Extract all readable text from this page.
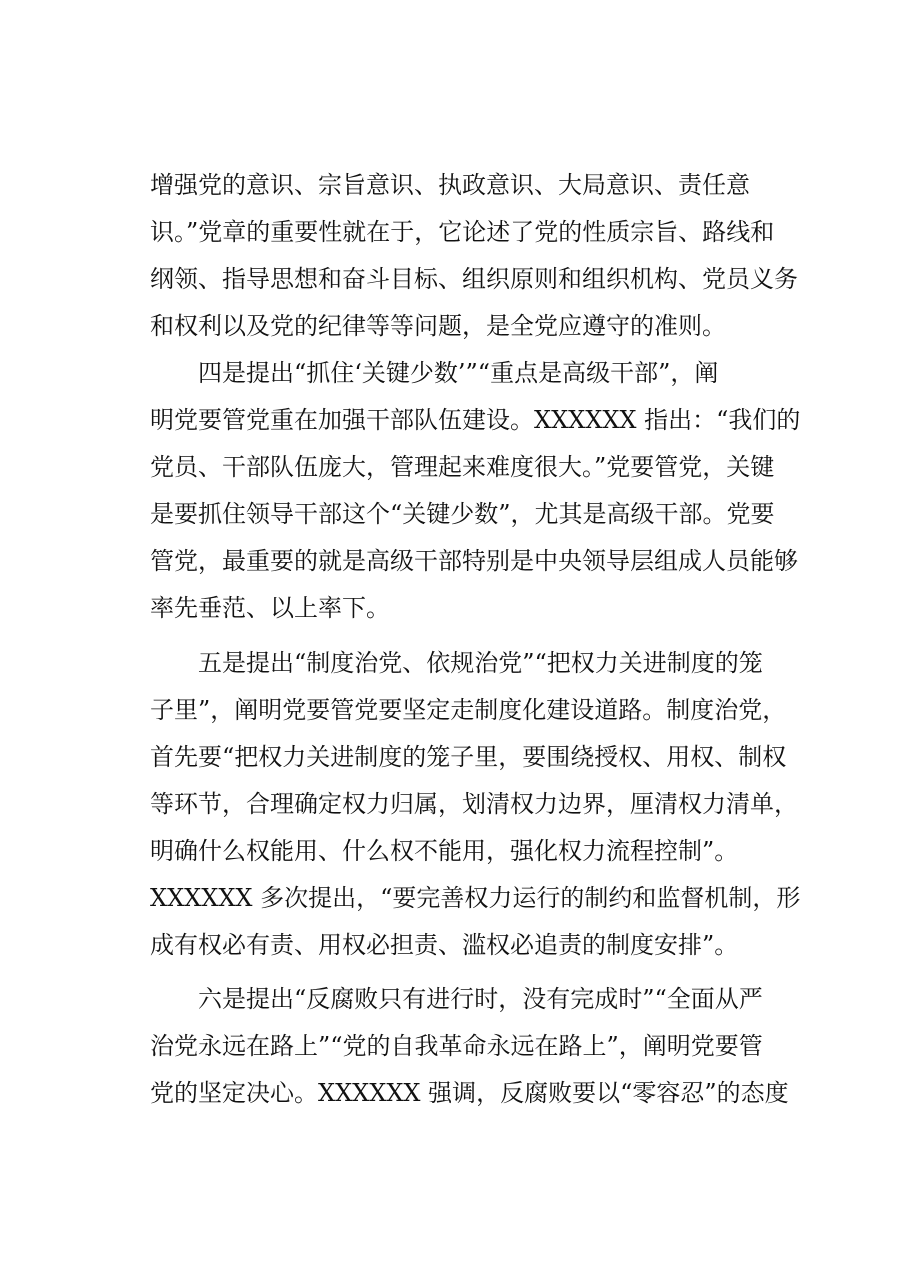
增强党的意识、宗旨意识、执政意识、大局意识、责任意
识。”党章的重要性就在于，它论述了党的性质宗旨、路线和
纲领、指导思想和奋斗目标、组织原则和组织机构、党员义务
和权利以及党的纪律等等问题，是全党应遵守的准则。
四是提出“抓住‘关键少数’”“重点是高级干部”，阐
明党要管党重在加强干部队伍建设。XXXXXX 指出：“我们的
党员、干部队伍庞大，管理起来难度很大。”党要管党，关键
是要抓住领导干部这个“关键少数”，尤其是高级干部。党要
管党，最重要的就是高级干部特别是中央领导层组成人员能够
率先垂范、以上率下。
五是提出“制度治党、依规治党”“把权力关进制度的笼
子里”，阐明党要管党要坚定走制度化建设道路。制度治党，
首先要“把权力关进制度的笼子里，要围绕授权、用权、制权
等环节，合理确定权力归属，划清权力边界，厘清权力清单，
明确什么权能用、什么权不能用，强化权力流程控制”。
XXXXXX 多次提出，“要完善权力运行的制约和监督机制，形
成有权必有责、用权必担责、滥权必追责的制度安排”。
六是提出“反腐败只有进行时，没有完成时”“全面从严
治党永远在路上”“党的自我革命永远在路上”，阐明党要管
党的坚定决心。XXXXXX 强调，反腐败要以“零容忍”的态度
